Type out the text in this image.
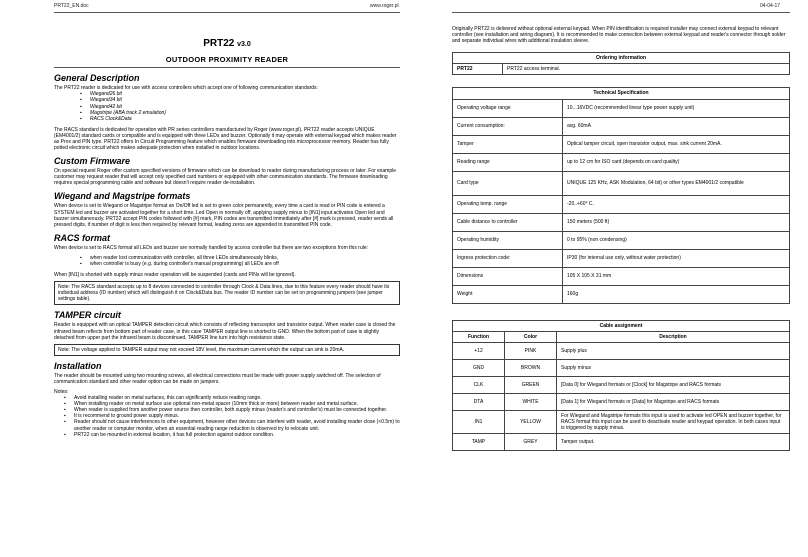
PRT22_EN.doc	www.roger.pl	04-04-17
PRT22 v3.0
OUTDOOR PROXIMITY READER
General Description

The PRT22 reader is dedicated for use with access controllers which accept one of following communication standards:

▪ Wiegand26 bit
▪ Wiegand34 bit
▪ Wiegand42 bit
▪ Magstripe (ABA track 2 emulation)
▪ RACS Clock&Data

The RACS standard is dedicated for operation with PR series controllers manufactured by Roger (www.roger.pl). PRT22 reader accepts UNIQUE (EM4001/2) standard cards or compatible and is equipped with three LEDs and buzzer. Optionally it may operate with external keypad which makes reader as Prox and PIN type. PRT22 offers In Circuit Programming feature which enables firmware downloading into microprocessor memory. Reader has fully potted electronic circuit which makes adequate protection when installed in outdoor locations.

Custom Firmware

On special request Roger offer custom specified versions of firmware which can be download to reader during manufacturing process or later. For example customer may request reader that will accept only specified card numbers or equipped with other communication standards. The firmware downloading requires special programming cable and software but doesn't require reader de-installation.

Wiegand and Magstripe formats

When device is set to Wiegand or Magstripe format an On/Off led is set to green color permanently, every time a card is read or PIN code is entered a SYSTEM led and buzzer are activated together for a short time. Led Open in normally off, applying supply minus to [IN1] input activates Open led and buzzer simultaneously. PRT22 accept PIN codes followed with [#] mark, PIN codes are transmitted immediately after [#] mark is pressed, reader sends all pressed digits, if number of digit is less then required by relevant format, leading zeros are appended to transmitted PIN code.

RACS format

When device is set to RACS format all LEDs and buzzer are normally handled by access controller but there are two exceptions from this rule:

▪ when reader lost communication with controller, all three LEDs simultaneously blinks,
▪ when controller is busy (e.g. during controller's manual programming) all LEDs are off

When [IN1] is shorted with supply minus reader operation will be suspended (cards and PINs will be ignored).

Note: The RACS standard accepts up to 8 devices connected to controller through Clock & Data lines, due to this feature every reader should have its individual address (ID number) which will distinguish it on Clock&Data bus. The reader ID number can be set on programming jumpers (see jumper settings table).
TAMPER circuit

Reader is equipped with an optical TAMPER detection circuit which consists of reflecting transceptor and transistor output. When reader case is closed the infrared beam reflects from bottom part of reader case, in this case TAMPER output line is shorted to GND. When the bottom part of case is slightly detached from upper part the infrared beam is discontinued, TAMPER line turn into high resistance state.

Note: The voltage applied to TAMPER output may not exceed 18V level, the maximum current which the output can sink is 20mA.
Installation

The reader should be mounted using two mounting screws, all electrical connections must be made with power supply switched off. The selection of communication standard and other reader option can be made on jumpers.

Notes:

▪ Avoid installing reader on metal surfaces, this can significantly reduce reading range.
▪ When installing reader on metal surface use optional non-metal spacer (10mm thick or more) between reader and metal surface.
▪ When reader is supplied from another power source then controller, both supply minus (reader's and controller's) must be connected together.
▪ It is recommend to ground power supply minus.
▪ Reader should not cause interferences to other equipment, however other devices can interfere with reader, avoid installing reader close (<0.5m) to another reader or computer monitor, when an essential reading range reduction is observed try to relocate unit.
▪ PRT22 can be mounted in external location, it has full protection against outdoor condition.

Originally PRT22 is delivered without optional external keypad. When PIN identification is required installer may connect external keypad to relevant controller (see installation and wiring diagram). It is recommended to make connection between external keypad and reader's connector through solder and separate individual wires with additional insulation sleeve.

Ordering information
PRT22	PRT22 access terminal.
Technical Specification	
Operating voltage range	10...16VDC (recommended linear type power supply unit)
Current consumption:	avg. 60mA
Tamper	Optical tamper circuit, open transistor output, max. sink current 20mA.
Reading range	up to 12 cm for ISO card (depends on card quality)
Card type	UNIQUE 125 KHz, ASK Modulation, 64 bit) or other types EM4001/2 compatible
Operating temp. range	-20..+60° C.
Cable distance to controller	150 meters (500 ft)
Operating humidity	0 to 95% (non condensing)
Ingress protection code:	IP30 (for internal use only, without water protection)
Dimensions	105 X 105 X 31 mm
Weight	160g
Cable assignment		
Function	Color	Description
+12	PINK	Supply plus
GND	BROWN	Supply minus
CLK	GREEN	[Data 0] for Wiegand formats or [Clock] for Magstripe and RACS formats
DTA	WHITE	[Data 1] for Wiegand formats or [Data] for Magstripe and RACS formats
IN1	YELLOW	For Wiegand and Magstripe formats this input is used to activate led OPEN and buzzer together, for RACS format this input can be used to deactivate reader and keypad operation. In both cases input is triggered by supply minus.
TAMP	GREY	Tamper output.
